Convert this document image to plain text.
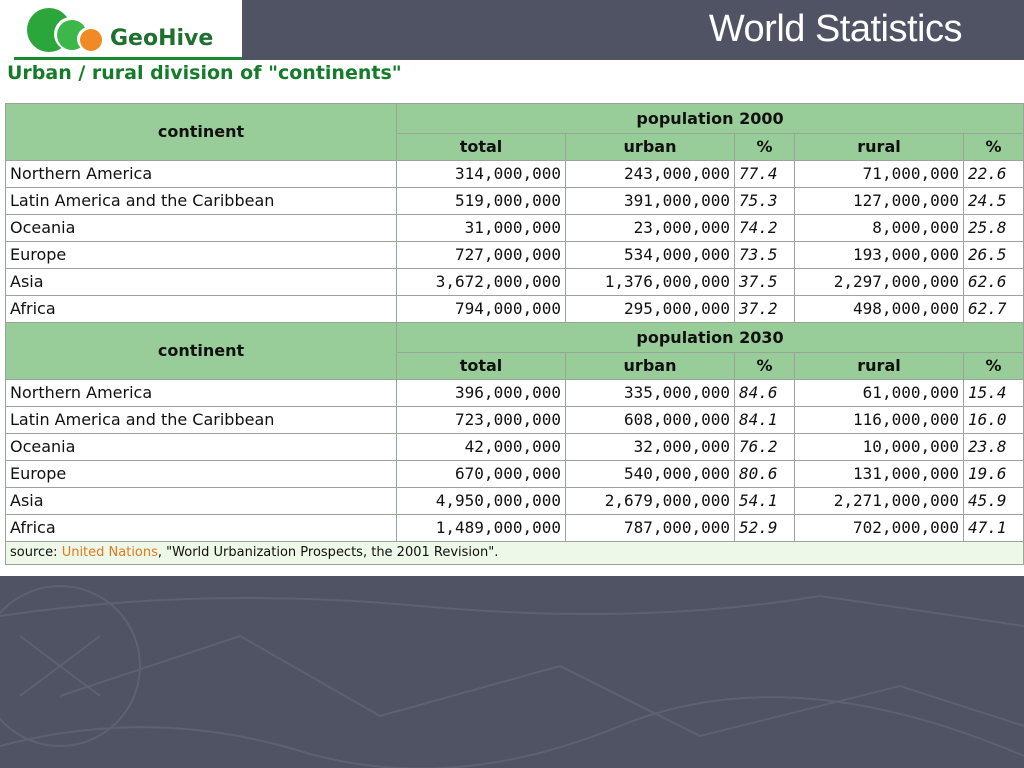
GeoHive	World Statistics
Urban / rural division of "continents"
continent	population 2000				
	total	urban	%	rural	%
Northern America	314,000,000	243,000,000	77.4	71,000,000	22.6
Latin America and the Caribbean	519,000,000	391,000,000	75.3	127,000,000	24.5
Oceania	31,000,000	23,000,000	74.2	8,000,000	25.8
Europe	727,000,000	534,000,000	73.5	193,000,000	26.5
Asia	3,672,000,000	1,376,000,000	37.5	2,297,000,000	62.6
Africa	794,000,000	295,000,000	37.2	498,000,000	62.7
continent	population 2030				
	total	urban	%	rural	%
Northern America	396,000,000	335,000,000	84.6	61,000,000	15.4
Latin America and the Caribbean	723,000,000	608,000,000	84.1	116,000,000	16.0
Oceania	42,000,000	32,000,000	76.2	10,000,000	23.8
Europe	670,000,000	540,000,000	80.6	131,000,000	19.6
Asia	4,950,000,000	2,679,000,000	54.1	2,271,000,000	45.9
Africa	1,489,000,000	787,000,000	52.9	702,000,000	47.1
source: United Nations, "World Urbanization Prospects, the 2001 Revision".					
